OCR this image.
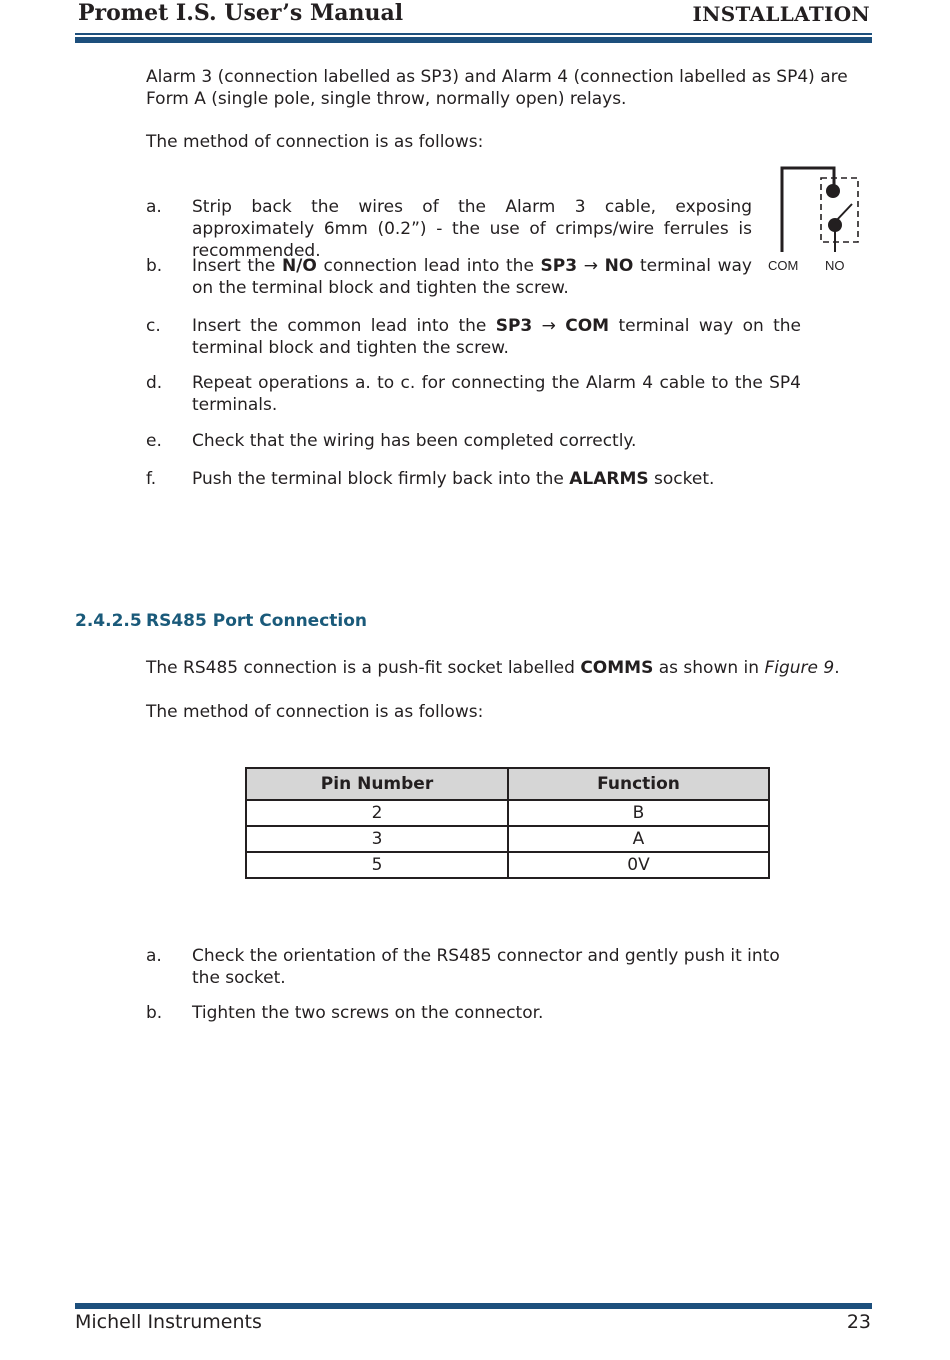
Promet I.S. User’s Manual	INSTALLATION

Alarm 3 (connection labelled as SP3) and Alarm 4 (connection labelled as SP4) are Form A (single pole, single throw, normally open) relays.

The method of connection is as follows:

a.	Strip back the wires of the Alarm 3 cable, exposing approximately 6mm (0.2”) - the use of crimps/wire ferrules is recommended.
b.	Insert the N/O connection lead into the SP3 → NO terminal way on the terminal block and tighten the screw.
c.	Insert the common lead into the SP3 → COM terminal way on the terminal block and tighten the screw.
d.	Repeat operations a. to c. for connecting the Alarm 4 cable to the SP4 terminals.
e.	Check that the wiring has been completed correctly.
f.	Push the terminal block firmly back into the ALARMS socket.
COM NO
2.4.2.5 RS485 Port Connection

The RS485 connection is a push-fit socket labelled COMMS as shown in Figure 9.

The method of connection is as follows:

Pin Number	Function
2	B
3	A
5	0V
a.	Check the orientation of the RS485 connector and gently push it into the socket.
b.	Tighten the two screws on the connector.
Michell Instruments	23
